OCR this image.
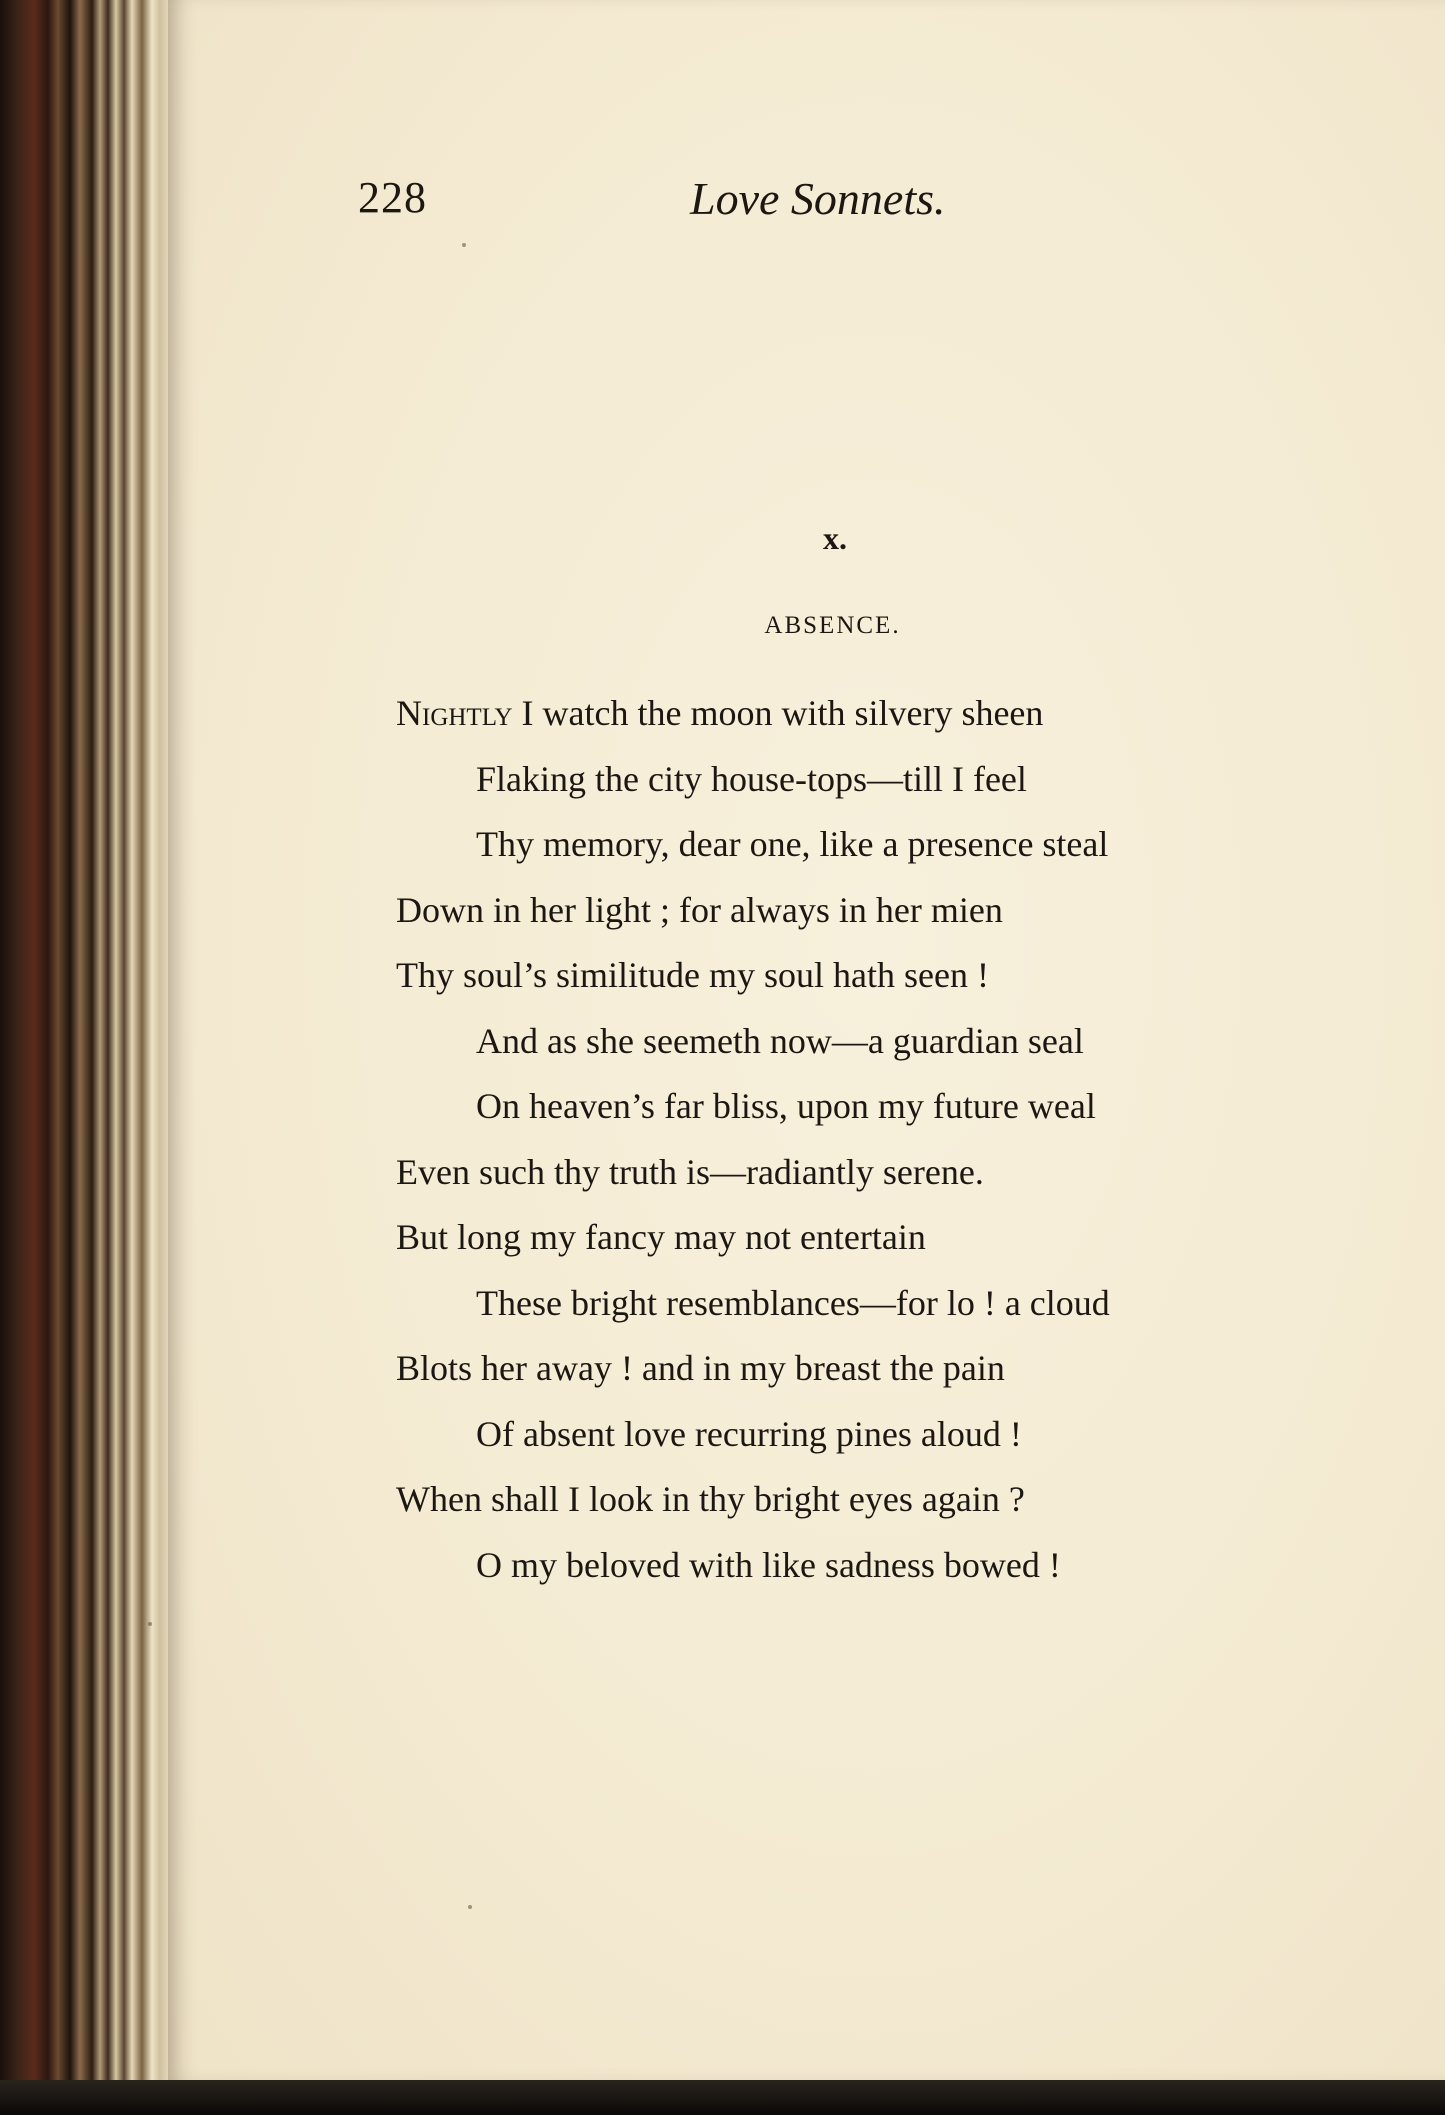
228	Love Sonnets.
x.
ABSENCE.
Nightly I watch the moon with silvery sheen
Flaking the city house-tops—till I feel
Thy memory, dear one, like a presence steal
Down in her light ; for always in her mien
Thy soul’s similitude my soul hath seen !
And as she seemeth now—a guardian seal
On heaven’s far bliss, upon my future weal
Even such thy truth is—radiantly serene.
But long my fancy may not entertain
These bright resemblances—for lo ! a cloud
Blots her away ! and in my breast the pain
Of absent love recurring pines aloud !
When shall I look in thy bright eyes again ?
O my beloved with like sadness bowed !
